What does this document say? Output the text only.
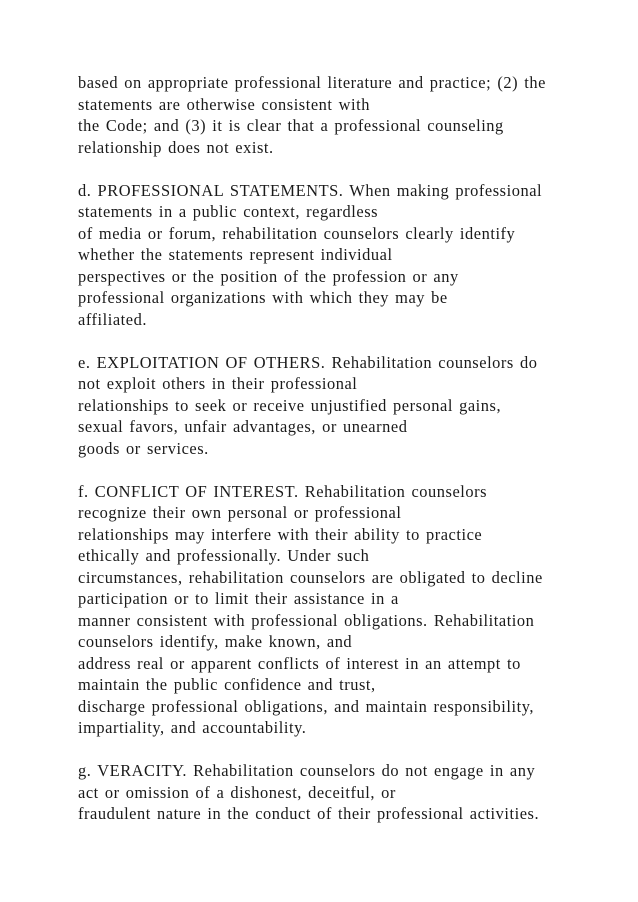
based on appropriate professional literature and practice; (2) the
statements are otherwise consistent with
the Code; and (3) it is clear that a professional counseling
relationship does not exist.

d. PROFESSIONAL STATEMENTS. When making professional
statements in a public context, regardless
of media or forum, rehabilitation counselors clearly identify
whether the statements represent individual
perspectives or the position of the profession or any
professional organizations with which they may be
affiliated.

e. EXPLOITATION OF OTHERS. Rehabilitation counselors do
not exploit others in their professional
relationships to seek or receive unjustified personal gains,
sexual favors, unfair advantages, or unearned
goods or services.

f. CONFLICT OF INTEREST. Rehabilitation counselors
recognize their own personal or professional
relationships may interfere with their ability to practice
ethically and professionally. Under such
circumstances, rehabilitation counselors are obligated to decline
participation or to limit their assistance in a
manner consistent with professional obligations. Rehabilitation
counselors identify, make known, and
address real or apparent conflicts of interest in an attempt to
maintain the public confidence and trust,
discharge professional obligations, and maintain responsibility,
impartiality, and accountability.

g. VERACITY. Rehabilitation counselors do not engage in any
act or omission of a dishonest, deceitful, or
fraudulent nature in the conduct of their professional activities.
